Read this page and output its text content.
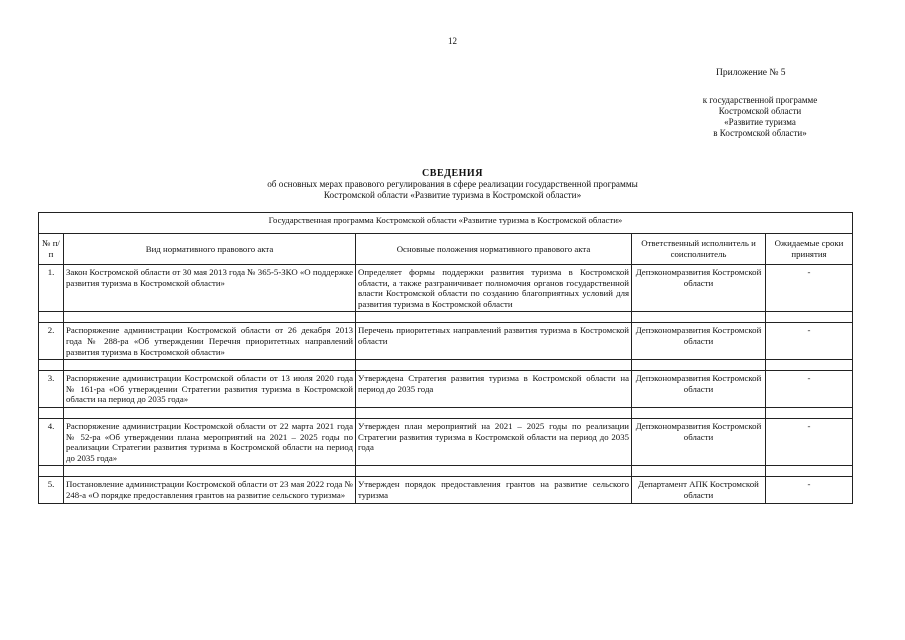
12
Приложение № 5
к государственной программе
Костромской области
«Развитие туризма
в Костромской области»
СВЕДЕНИЯ
об основных мерах правового регулирования в сфере реализации государственной программы
Костромской области «Развитие туризма в Костромской области»
Государственная программа Костромской области «Развитие туризма в Костромской области»				
№ п/п	Вид нормативного правового акта	Основные положения нормативного правового акта	Ответственный исполнитель и соисполнитель	Ожидаемые сроки принятия
1.	Закон Костромской области от 30 мая 2013 года № 365-5-ЗКО «О поддержке развития туризма в Костромской области»	Определяет формы поддержки развития туризма в Костромской области, а также разграничивает полномочия органов государственной власти Костромской области по созданию благоприятных условий для развития туризма в Костромской области	Депэкономразвития Костромской области	-

2.	Распоряжение администрации Костромской области от 26 декабря 2013 года № 288-ра «Об утверждении Перечня приоритетных направлений развития туризма в Костромской области»	Перечень приоритетных направлений развития туризма в Костромской области	Депэкономразвития Костромской области	-

3.	Распоряжение администрации Костромской области от 13 июля 2020 года № 161-ра «Об утверждении Стратегии развития туризма в Костромской области на период до 2035 года»	Утверждена Стратегия развития туризма в Костромской области на период до 2035 года	Депэкономразвития Костромской области	-

4.	Распоряжение администрации Костромской области от 22 марта 2021 года № 52-ра «Об утверждении плана мероприятий на 2021 – 2025 годы по реализации Стратегии развития туризма в Костромской области на период до 2035 года»	Утвержден план мероприятий на 2021 – 2025 годы по реализации Стратегии развития туризма в Костромской области на период до 2035 года	Депэкономразвития Костромской области	-

5.	Постановление администрации Костромской области от 23 мая 2022 года № 248-а «О порядке предоставления грантов на развитие сельского туризма»	Утвержден порядок предоставления грантов на развитие сельского туризма	Департамент АПК Костромской области	-
